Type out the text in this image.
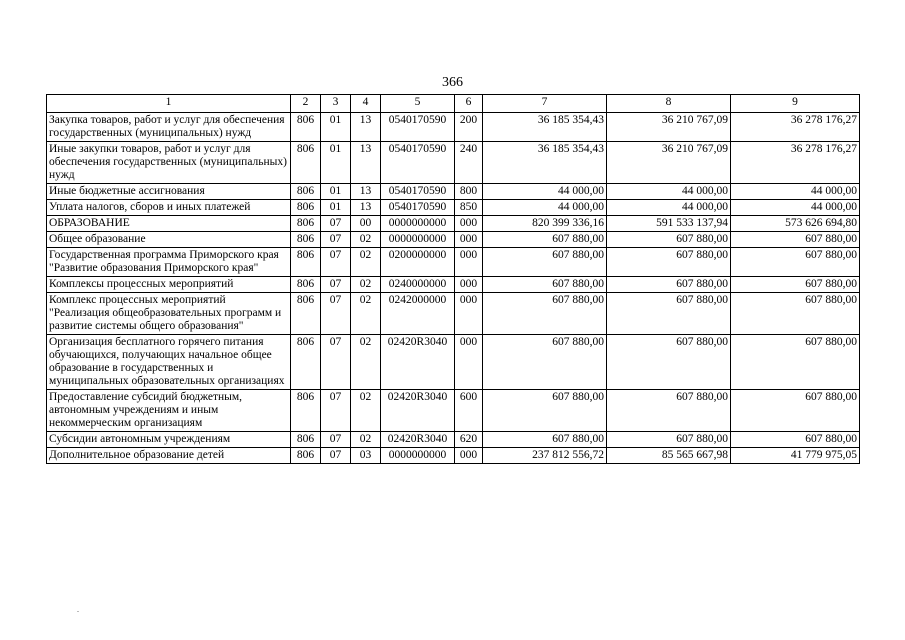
366
1	2	3	4	5	6	7	8	9
Закупка товаров, работ и услуг для обеспечения государственных (муниципальных) нужд	806	01	13	0540170590	200	36 185 354,43	36 210 767,09	36 278 176,27
Иные закупки товаров, работ и услуг для обеспечения государственных (муниципальных) нужд	806	01	13	0540170590	240	36 185 354,43	36 210 767,09	36 278 176,27
Иные бюджетные ассигнования	806	01	13	0540170590	800	44 000,00	44 000,00	44 000,00
Уплата налогов, сборов и иных платежей	806	01	13	0540170590	850	44 000,00	44 000,00	44 000,00
ОБРАЗОВАНИЕ	806	07	00	0000000000	000	820 399 336,16	591 533 137,94	573 626 694,80
Общее образование	806	07	02	0000000000	000	607 880,00	607 880,00	607 880,00
Государственная программа Приморского края "Развитие образования Приморского края"	806	07	02	0200000000	000	607 880,00	607 880,00	607 880,00
Комплексы процессных мероприятий	806	07	02	0240000000	000	607 880,00	607 880,00	607 880,00
Комплекс процессных мероприятий "Реализация общеобразовательных программ и развитие системы общего образования"	806	07	02	0242000000	000	607 880,00	607 880,00	607 880,00
Организация бесплатного горячего питания обучающихся, получающих начальное общее образование в государственных и муниципальных образовательных организациях	806	07	02	02420R3040	000	607 880,00	607 880,00	607 880,00
Предоставление субсидий бюджетным, автономным учреждениям и иным некоммерческим организациям	806	07	02	02420R3040	600	607 880,00	607 880,00	607 880,00
Субсидии автономным учреждениям	806	07	02	02420R3040	620	607 880,00	607 880,00	607 880,00
Дополнительное образование детей	806	07	03	0000000000	000	237 812 556,72	85 565 667,98	41 779 975,05
